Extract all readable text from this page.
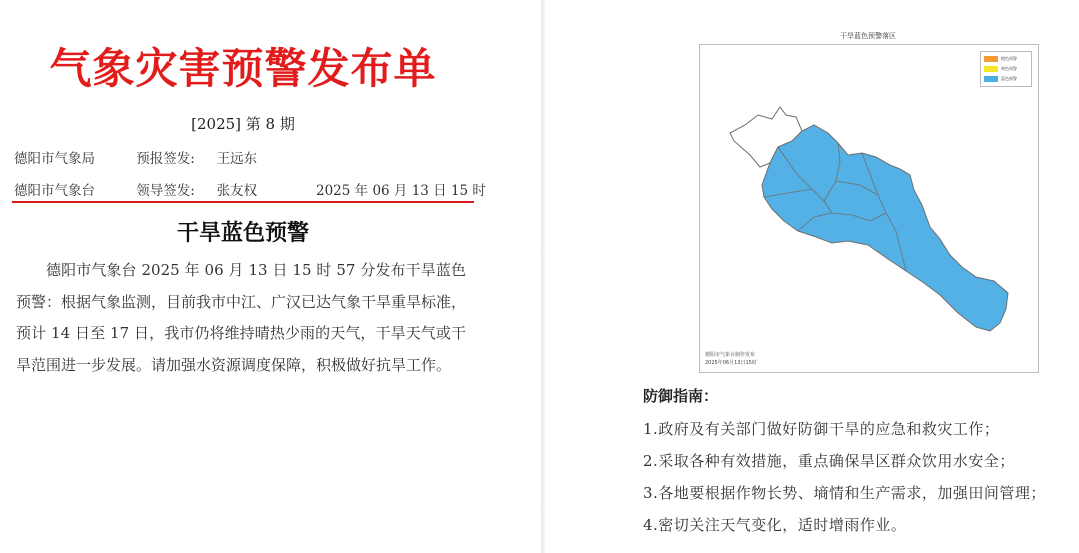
气象灾害预警发布单
[2025] 第 8 期
德阳市气象局	预报签发: 王远东
德阳市气象台	领导签发: 张友权	2025 年 06 月 13 日 15 时
干旱蓝色预警
德阳市气象台 2025 年 06 月 13 日 15 时 57 分发布干旱蓝色预警：根据气象监测，目前我市中江、广汉已达气象干旱重旱标准，预计 14 日至 17 日，我市仍将维持晴热少雨的天气，干旱天气或干旱范围进一步发展。请加强水资源调度保障，积极做好抗旱工作。
干旱蓝色预警落区
橙色预警
黄色预警
蓝色预警
德阳市气象台制作发布
2025年06月13日15时
防御指南：
1.政府及有关部门做好防御干旱的应急和救灾工作；
2.采取各种有效措施，重点确保旱区群众饮用水安全；
3.各地要根据作物长势、墒情和生产需求，加强田间管理；
4.密切关注天气变化，适时增雨作业。
